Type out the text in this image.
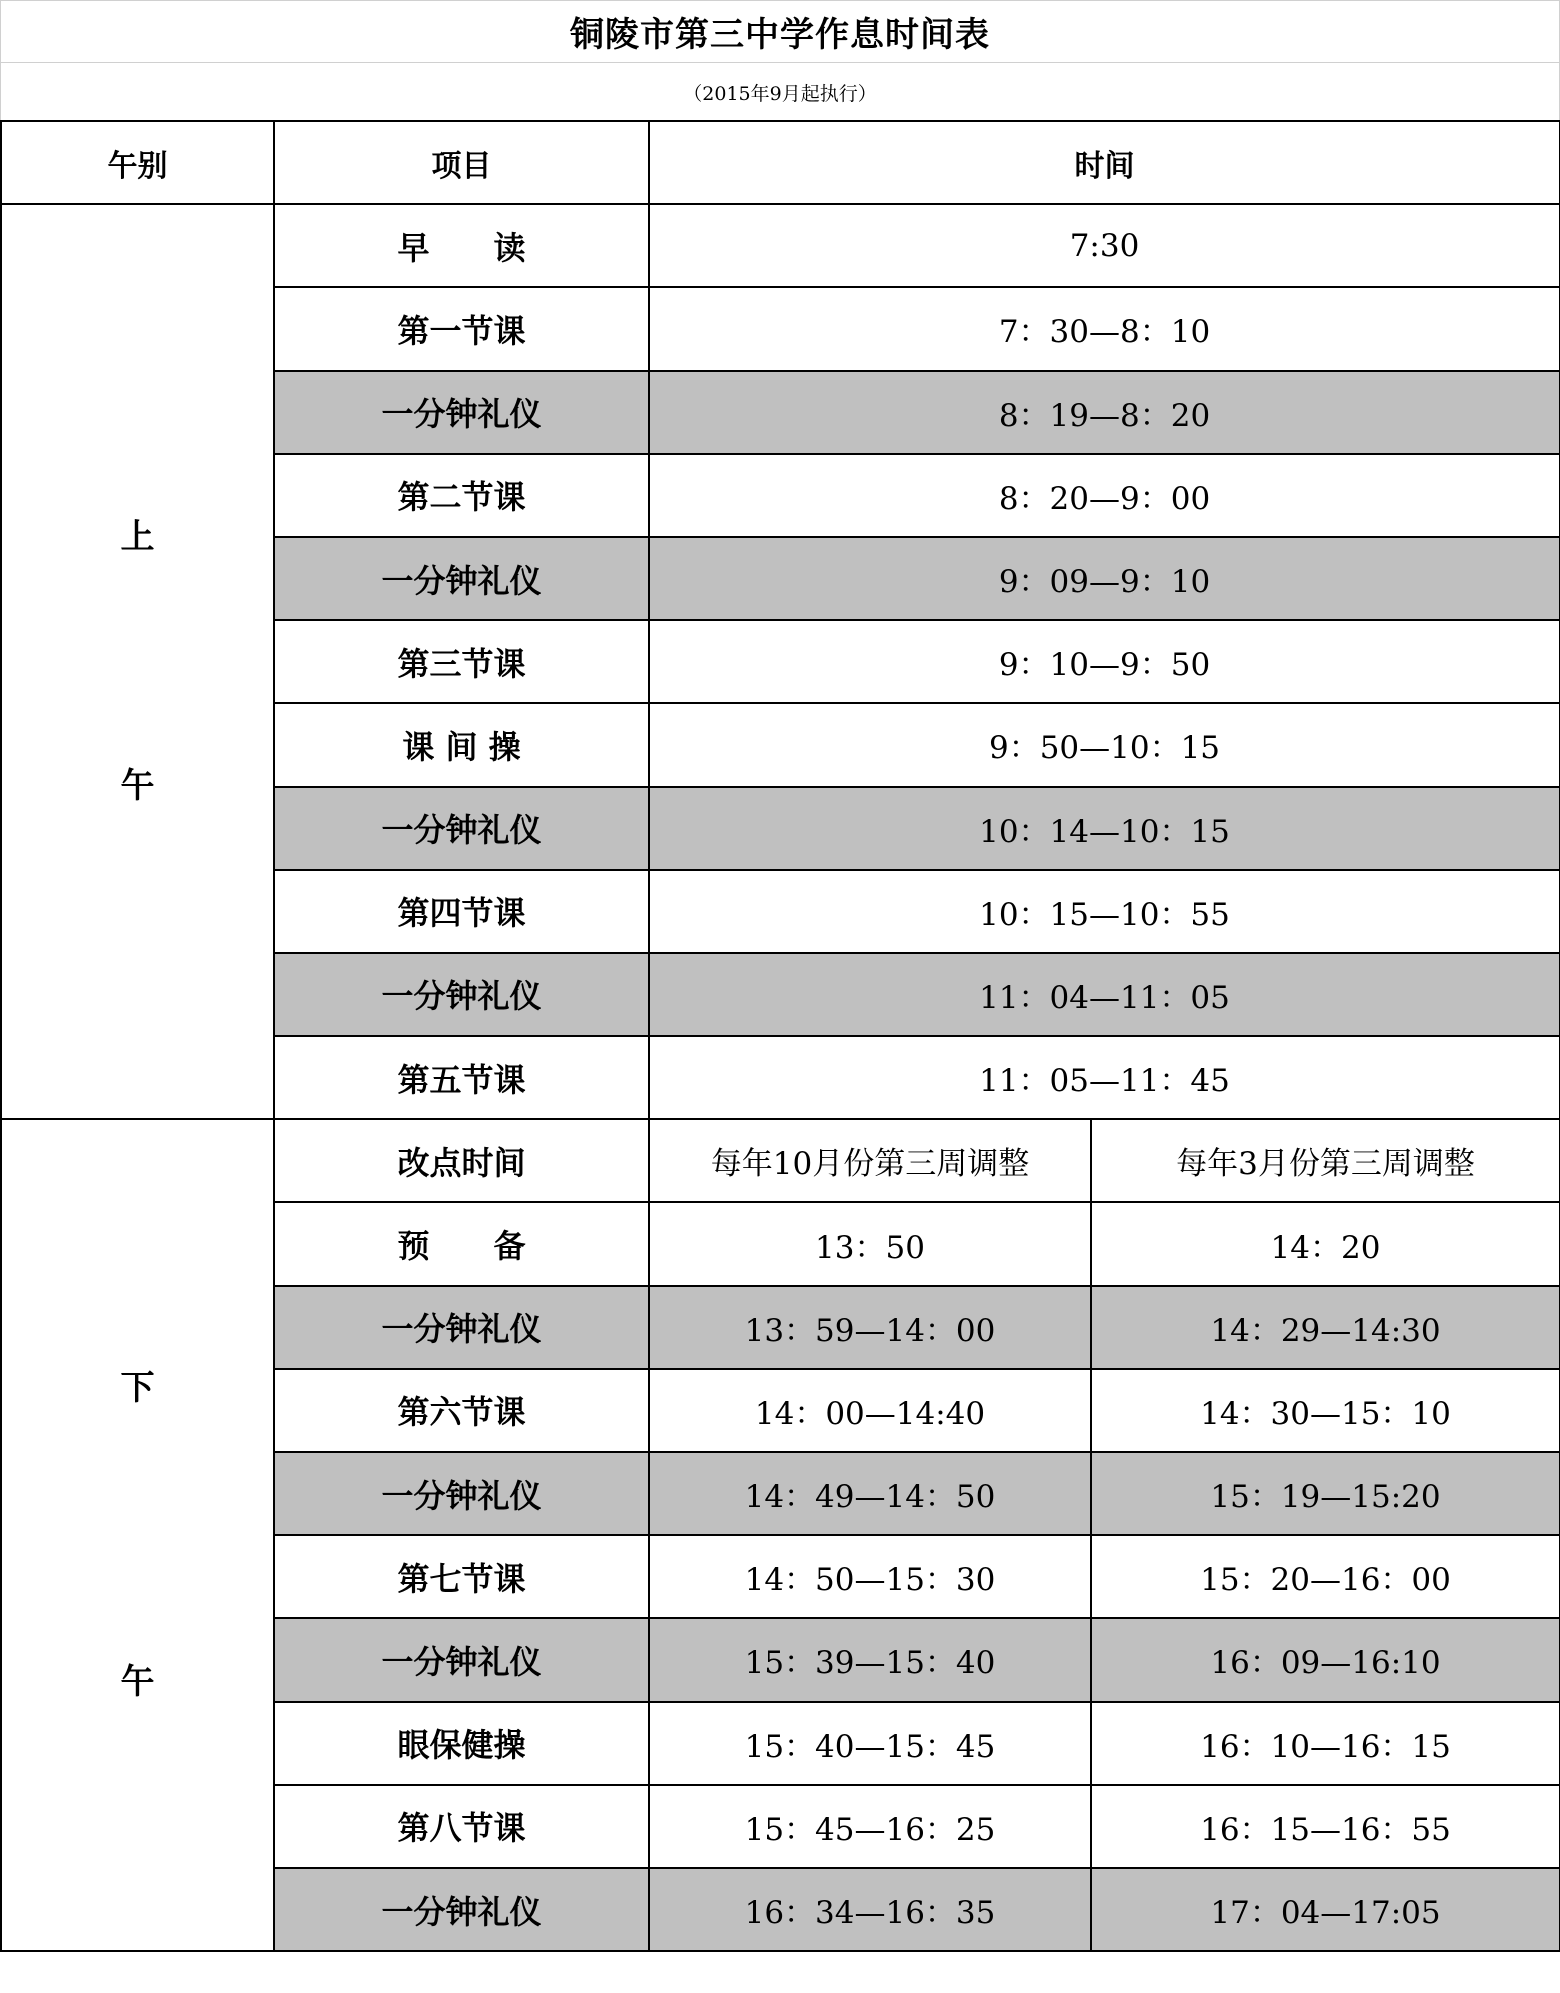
铜陵市第三中学作息时间表
（2015年9月起执行）
午别	项目	时间	

上
午	早　　读	7:30	
	第一节课	7：30—8：10	
	一分钟礼仪	8：19—8：20	
	第二节课	8：20—9：00	
	一分钟礼仪	9：09—9：10	
	第三节课	9：10—9：50	
	课 间 操	9：50—10：15	
	一分钟礼仪	10：14—10：15	
	第四节课	10：15—10：55	
	一分钟礼仪	11：04—11：05	
	第五节课	11：05—11：45	

下
午	改点时间	每年10月份第三周调整	每年3月份第三周调整
	预　　备	13：50	14：20
	一分钟礼仪	13：59—14：00	14：29—14:30
	第六节课	14：00—14:40	14：30—15：10
	一分钟礼仪	14：49—14：50	15：19—15:20
	第七节课	14：50—15：30	15：20—16：00
	一分钟礼仪	15：39—15：40	16：09—16:10
	眼保健操	15：40—15：45	16：10—16：15
	第八节课	15：45—16：25	16：15—16：55
	一分钟礼仪	16：34—16：35	17：04—17:05
